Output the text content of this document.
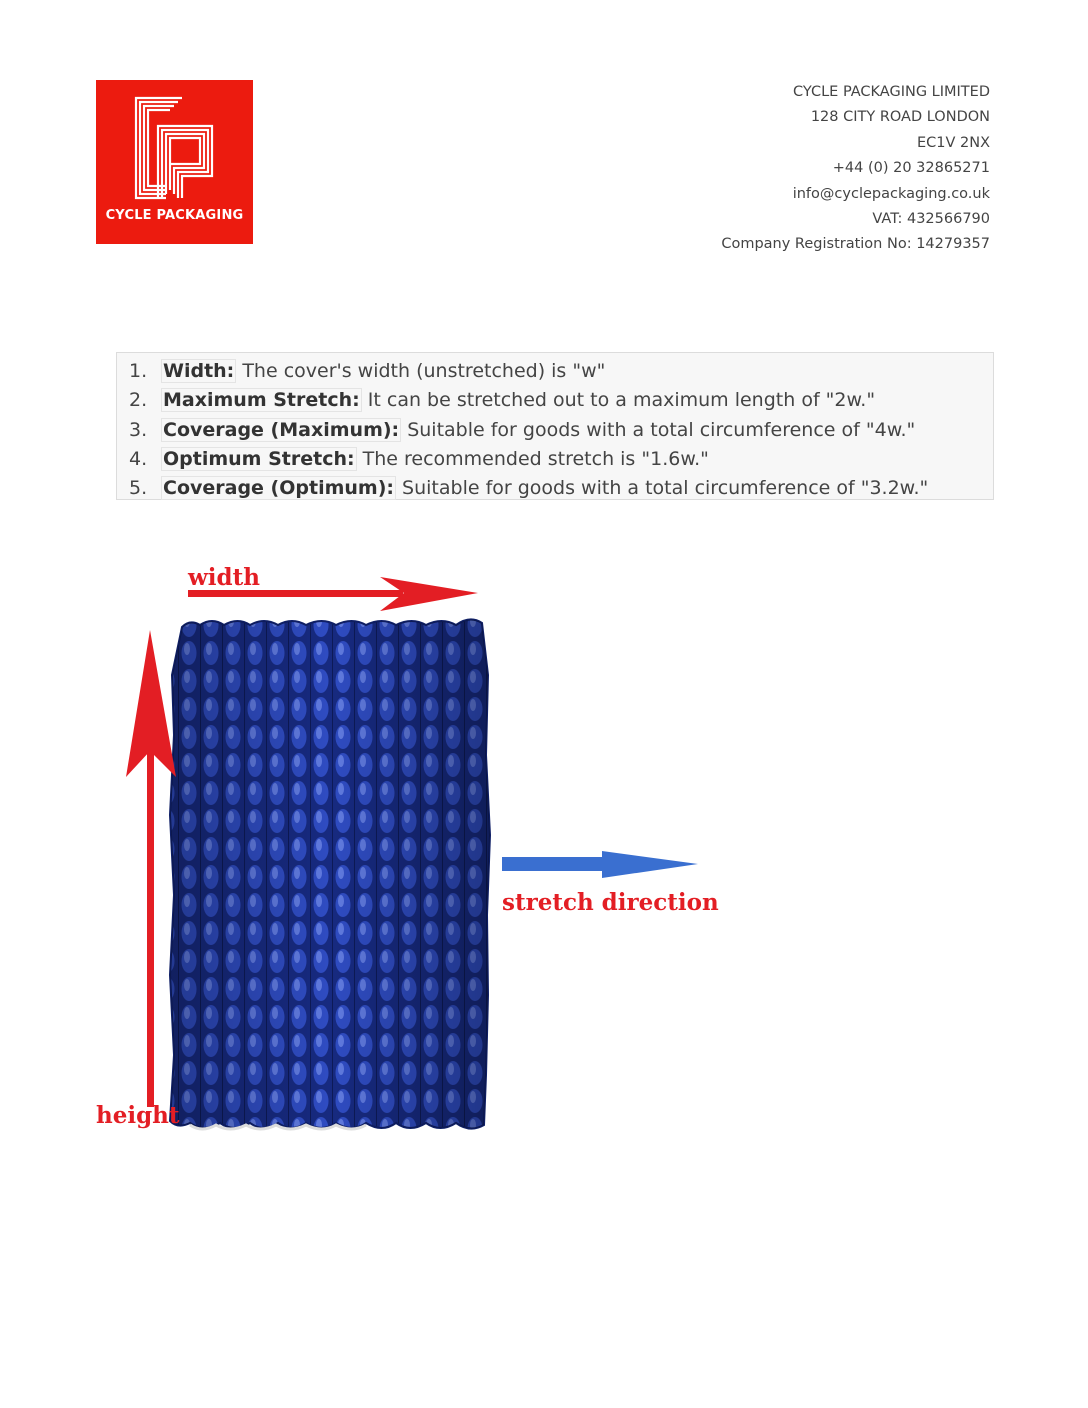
CYCLE PACKAGING
CYCLE PACKAGING LIMITED
128 CITY ROAD LONDON
EC1V 2NX
+44 (0) 20 32865271
info@cyclepackaging.co.uk
VAT: 432566790
Company Registration No: 14279357
1. Width: The cover's width (unstretched) is "w"
2. Maximum Stretch: It can be stretched out to a maximum length of "2w."
3. Coverage (Maximum): Suitable for goods with a total circumference of "4w."
4. Optimum Stretch: The recommended stretch is "1.6w."
5. Coverage (Optimum): Suitable for goods with a total circumference of "3.2w."
width
height
stretch direction
